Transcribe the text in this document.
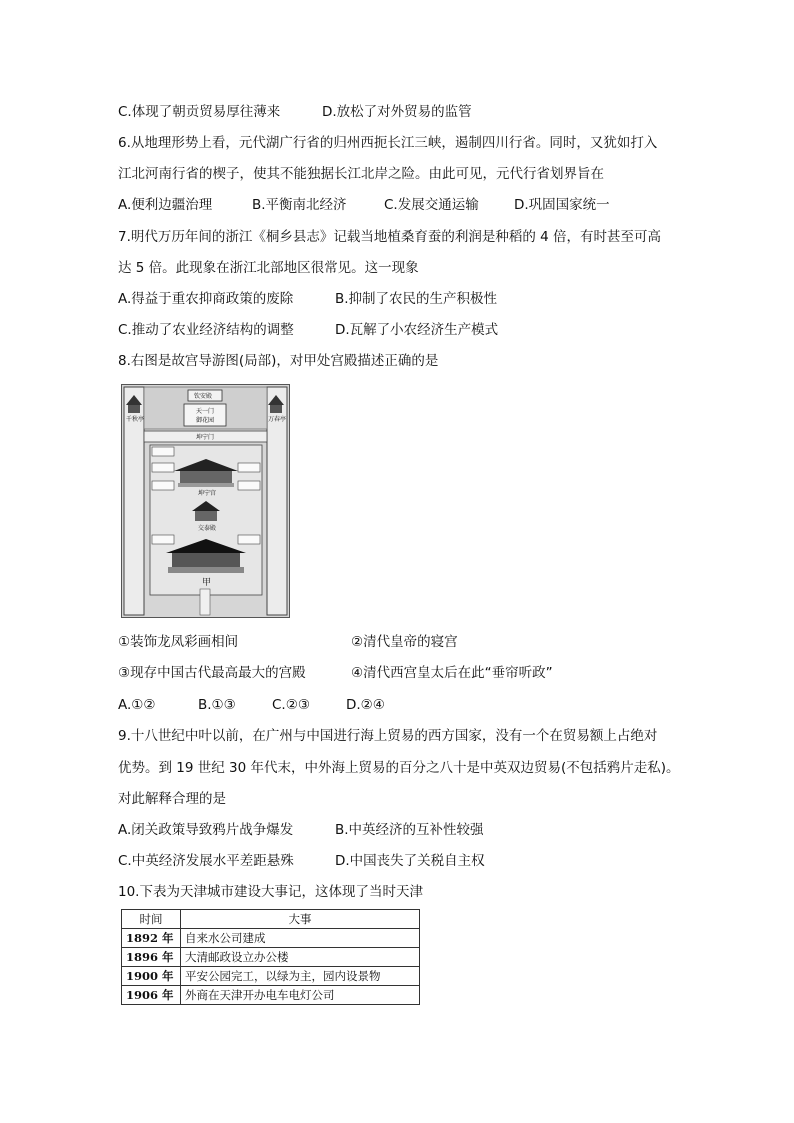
C.体现了朝贡贸易厚往薄来	D.放松了对外贸易的监管
6.从地理形势上看，元代湖广行省的归州西扼长江三峡，遏制四川行省。同时，又犹如打入
江北河南行省的楔子，使其不能独据长江北岸之险。由此可见，元代行省划界旨在
A.便利边疆治理	B.平衡南北经济	C.发展交通运输	D.巩固国家统一
7.明代万历年间的浙江《桐乡县志》记载当地植桑育蚕的利润是种稻的 4 倍，有时甚至可高
达 5 倍。此现象在浙江北部地区很常见。这一现象
A.得益于重农抑商政策的废除	B.抑制了农民的生产积极性
C.推动了农业经济结构的调整	D.瓦解了小农经济生产模式
8.右图是故宫导游图(局部)，对甲处宫殿描述正确的是
千秋亭	万春亭
钦安殿
天一门
御花园
坤宁门
坤宁宫
交泰殿
甲
①装饰龙凤彩画相间	②清代皇帝的寝宫
③现存中国古代最高最大的宫殿	④清代西宫皇太后在此“垂帘听政”
A.①②	B.①③	C.②③	D.②④
9.十八世纪中叶以前，在广州与中国进行海上贸易的西方国家，没有一个在贸易额上占绝对
优势。到 19 世纪 30 年代末，中外海上贸易的百分之八十是中英双边贸易(不包括鸦片走私)。
对此解释合理的是
A.闭关政策导致鸦片战争爆发	B.中英经济的互补性较强
C.中英经济发展水平差距悬殊	D.中国丧失了关税自主权
10.下表为天津城市建设大事记，这体现了当时天津
时间	大事
1892 年	自来水公司建成
1896 年	大清邮政设立办公楼
1900 年	平安公园完工，以绿为主，园内设景物
1906 年	外商在天津开办电车电灯公司
